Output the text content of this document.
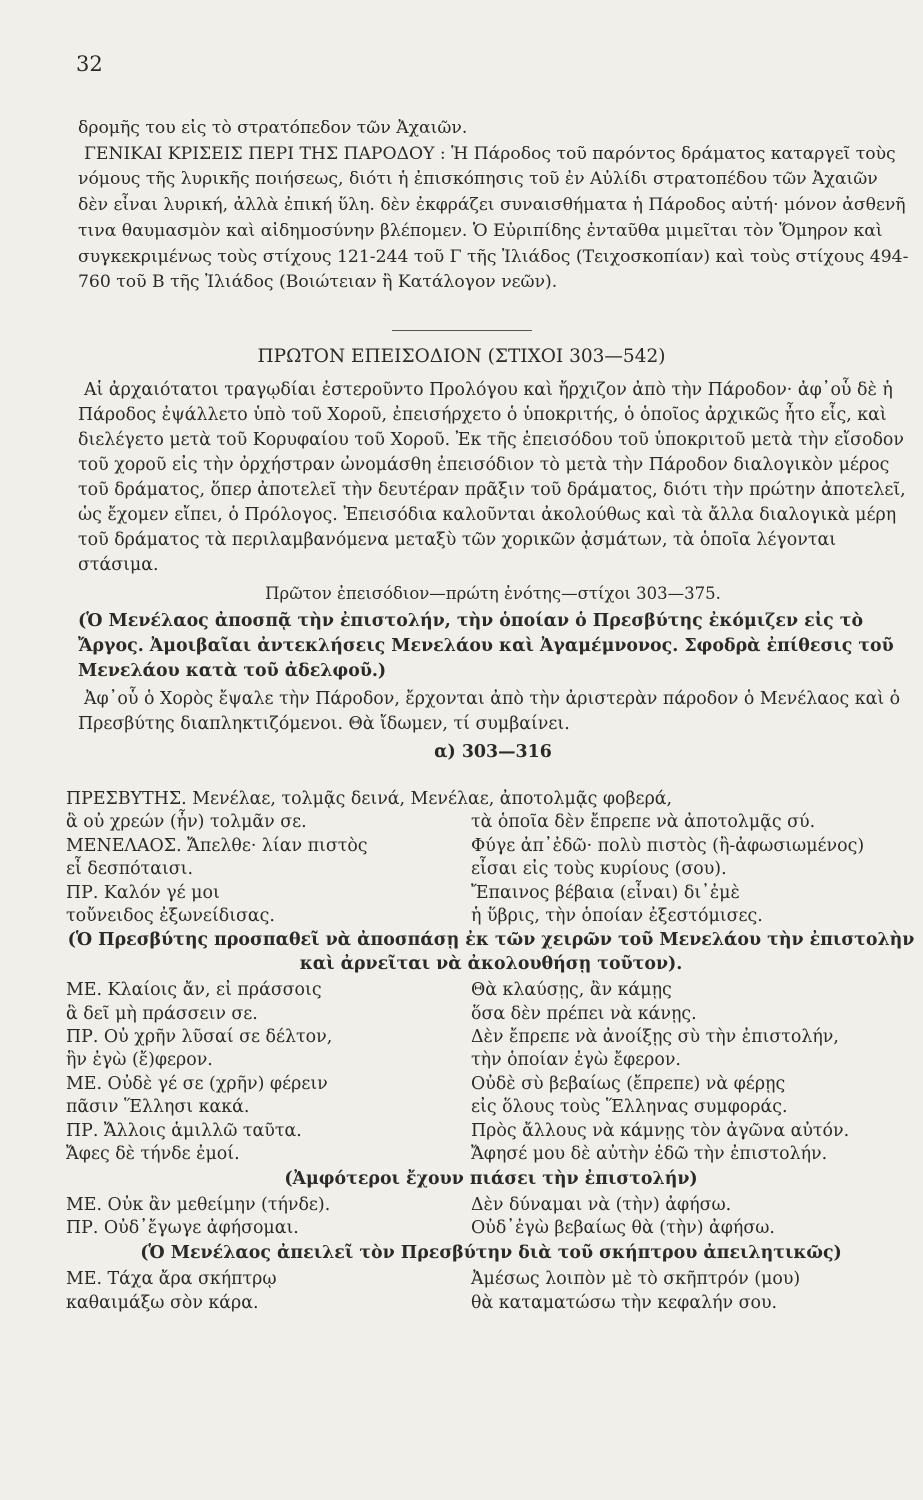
32

δρομῆς του εἰς τὸ στρατόπεδον τῶν Ἀχαιῶν.

ΓΕΝΙΚΑΙ ΚΡΙΣΕΙΣ ΠΕΡΙ ΤΗΣ ΠΑΡΟΔΟΥ : Ἡ Πάροδος τοῦ παρόντος δράματος καταργεῖ τοὺς νόμους τῆς λυρικῆς ποιήσεως, διότι ἡ ἐπισκόπησις τοῦ ἐν Αὐλίδι στρατοπέδου τῶν Ἀχαιῶν δὲν εἶναι λυρική, ἀλλὰ ἐπική ὕλη. δὲν ἐκφράζει συναισθήματα ἡ Πάροδος αὐτή· μόνον ἀσθενῆ τινα θαυμασμὸν καὶ αἰδημοσύνην βλέπομεν. Ὁ Εὐριπίδης ἐνταῦθα μιμεῖται τὸν Ὅμηρον καὶ συγκεκριμένως τοὺς στίχους 121-244 τοῦ Γ τῆς Ἰλιάδος (Τειχοσκοπίαν) καὶ τοὺς στίχους 494-760 τοῦ Β τῆς Ἰλιάδος (Βοιώτειαν ἢ Κατάλογον νεῶν).

ΠΡΩΤΟΝ ΕΠΕΙΣΟΔΙΟΝ (ΣΤΙΧΟΙ 303—542)

Αἱ ἀρχαιότατοι τραγῳδίαι ἐστεροῦντο Προλόγου καὶ ἤρχιζον ἀπὸ τὴν Πάροδον· ἀφ᾽οὗ δὲ ἡ Πάροδος ἐψάλλετο ὑπὸ τοῦ Χοροῦ, ἐπεισήρχετο ὁ ὑποκριτής, ὁ ὁποῖος ἀρχικῶς ἦτο εἷς, καὶ διελέγετο μετὰ τοῦ Κορυφαίου τοῦ Χοροῦ. Ἐκ τῆς ἐπεισόδου τοῦ ὑποκριτοῦ μετὰ τὴν εἴσοδον τοῦ χοροῦ εἰς τὴν ὀρχήστραν ὠνομάσθη ἐπεισόδιον τὸ μετὰ τὴν Πάροδον διαλογικὸν μέρος τοῦ δράματος, ὅπερ ἀποτελεῖ τὴν δευτέραν πρᾶξιν τοῦ δράματος, διότι τὴν πρώτην ἀποτελεῖ, ὡς ἔχομεν εἴπει, ὁ Πρόλογος. Ἐπεισόδια καλοῦνται ἀκολούθως καὶ τὰ ἄλλα διαλογικὰ μέρη τοῦ δράματος τὰ περιλαμβανόμενα μεταξὺ τῶν χορικῶν ᾀσμάτων, τὰ ὁποῖα λέγονται στάσιμα.

Πρῶτον ἐπεισόδιον—πρώτη ἑνότης—στίχοι 303—375.

(Ὁ Μενέλαος ἀποσπᾷ τὴν ἐπιστολήν, τὴν ὁποίαν ὁ Πρεσβύτης ἐκόμιζεν εἰς τὸ Ἄργος. Ἀμοιβαῖαι ἀντεκλήσεις Μενελάου καὶ Ἀγαμέμνονος. Σφοδρὰ ἐπίθεσις τοῦ Μενελάου κατὰ τοῦ ἀδελφοῦ.)

Ἀφ᾽οὗ ὁ Χορὸς ἔψαλε τὴν Πάροδον, ἔρχονται ἀπὸ τὴν ἀριστερὰν πάροδον ὁ Μενέλαος καὶ ὁ Πρεσβύτης διαπληκτιζόμενοι. Θὰ ἴδωμεν, τί συμβαίνει.

α) 303—316

ΠΡΕΣΒΥΤΗΣ. Μενέλαε, τολμᾷς δεινά, Μενέλαε, ἀποτολμᾷς φοβερά,
ἃ οὐ χρεών (ἦν) τολμᾶν σε.	τὰ ὁποῖα δὲν ἔπρεπε νὰ ἀποτολμᾷς σύ.
ΜΕΝΕΛΑΟΣ. Ἄπελθε· λίαν πιστὸς	Φύγε ἀπ᾽ἐδῶ· πολὺ πιστὸς (ἢ-ἀφωσιωμένος)
εἶ δεσπόταισι.	εἶσαι εἰς τοὺς κυρίους (σου).
ΠΡ. Καλόν γέ μοι	Ἔπαινος βέβαια (εἶναι) δι᾽ἐμὲ
τοὔνειδος ἐξωνείδισας.	ἡ ὕβρις, τὴν ὁποίαν ἐξεστόμισες.
(Ὁ Πρεσβύτης προσπαθεῖ νὰ ἀποσπάσῃ ἐκ τῶν χειρῶν τοῦ Μενελάου τὴν ἐπιστολὴν καὶ ἀρνεῖται νὰ ἀκολουθήσῃ τοῦτον).
ΜΕ. Κλαίοις ἄν, εἰ πράσσοις	Θὰ κλαύσῃς, ἂν κάμῃς
ἃ δεῖ μὴ πράσσειν σε.	ὅσα δὲν πρέπει νὰ κάνῃς.
ΠΡ. Οὐ χρῆν λῦσαί σε δέλτον,	Δὲν ἔπρεπε νὰ ἀνοίξῃς σὺ τὴν ἐπιστολήν,
ἣν ἐγὼ (ἔ)φερον.	τὴν ὁποίαν ἐγὼ ἔφερον.
ΜΕ. Οὐδὲ γέ σε (χρῆν) φέρειν	Οὐδὲ σὺ βεβαίως (ἔπρεπε) νὰ φέρῃς
πᾶσιν Ἕλλησι κακά.	εἰς ὅλους τοὺς Ἕλληνας συμφοράς.
ΠΡ. Ἄλλοις ἁμιλλῶ ταῦτα.	Πρὸς ἄλλους νὰ κάμνῃς τὸν ἀγῶνα αὐτόν.
Ἄφες δὲ τήνδε ἐμοί.	Ἄφησέ μου δὲ αὐτὴν ἐδῶ τὴν ἐπιστολήν.
(Ἀμφότεροι ἔχουν πιάσει τὴν ἐπιστολήν)
ΜΕ. Οὐκ ἂν μεθείμην (τήνδε).	Δὲν δύναμαι νὰ (τὴν) ἀφήσω.
ΠΡ. Οὐδ᾽ἔγωγε ἀφήσομαι.	Οὐδ᾽ἐγὼ βεβαίως θὰ (τὴν) ἀφήσω.
(Ὁ Μενέλαος ἀπειλεῖ τὸν Πρεσβύτην διὰ τοῦ σκήπτρου ἀπειλητικῶς)
ΜΕ. Τάχα ἄρα σκήπτρῳ	Ἀμέσως λοιπὸν μὲ τὸ σκῆπτρόν (μου)
καθαιμάξω σὸν κάρα.	θὰ καταματώσω τὴν κεφαλήν σου.
